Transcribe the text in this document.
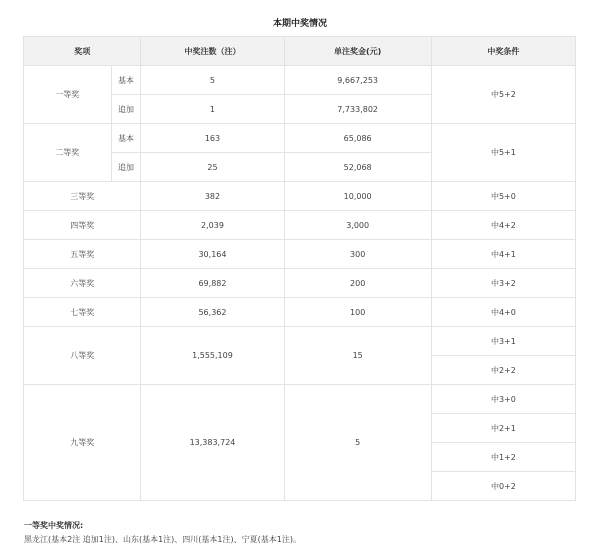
本期中奖情况
奖项		中奖注数（注）	单注奖金(元)	中奖条件
一等奖	基本	5	9,667,253	中5+2
	追加	1	7,733,802	
二等奖	基本	163	65,086	中5+1
	追加	25	52,068	
三等奖		382	10,000	中5+0
四等奖		2,039	3,000	中4+2
五等奖		30,164	300	中4+1
六等奖		69,882	200	中3+2
七等奖		56,362	100	中4+0
八等奖		1,555,109	15	中3+1
				中2+2
九等奖		13,383,724	5	中3+0
				中2+1
				中1+2
				中0+2
一等奖中奖情况:
黑龙江(基本2注 追加1注)、山东(基本1注)、四川(基本1注)、宁夏(基本1注)。
